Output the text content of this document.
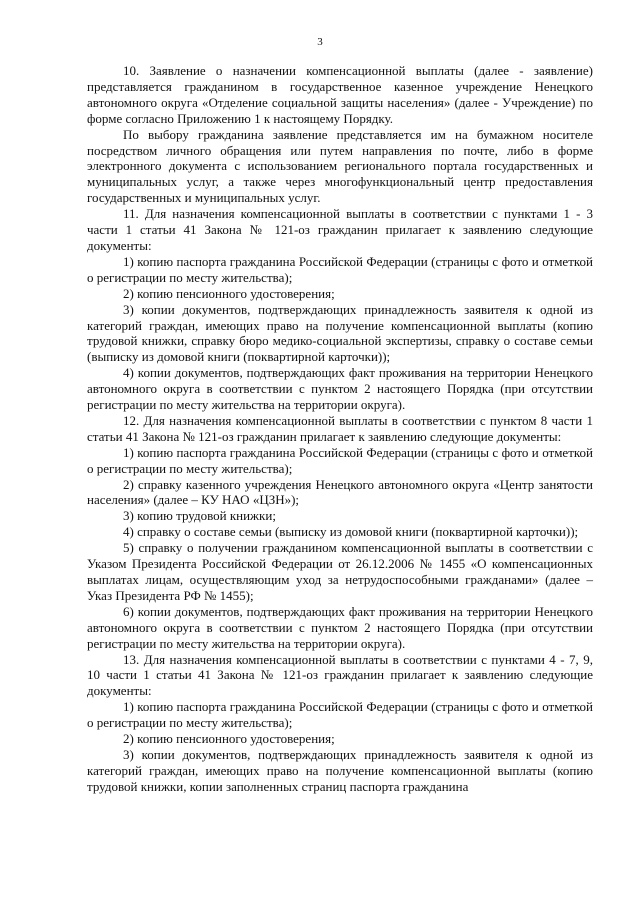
3

10. Заявление о назначении компенсационной выплаты (далее - заявление) представляется гражданином в государственное казенное учреждение Ненецкого автономного округа «Отделение социальной защиты населения» (далее - Учреждение) по форме согласно Приложению 1 к настоящему Порядку.

По выбору гражданина заявление представляется им на бумажном носителе посредством личного обращения или путем направления по почте, либо в форме электронного документа с использованием регионального портала государственных и муниципальных услуг, а также через многофункциональный центр предоставления государственных и муниципальных услуг.

11. Для назначения компенсационной выплаты в соответствии с пунктами 1 - 3 части 1 статьи 41 Закона № 121-оз гражданин прилагает к заявлению следующие документы:

1) копию паспорта гражданина Российской Федерации (страницы с фото и отметкой о регистрации по месту жительства);

2) копию пенсионного удостоверения;

3) копии документов, подтверждающих принадлежность заявителя к одной из категорий граждан, имеющих право на получение компенсационной выплаты (копию трудовой книжки, справку бюро медико-социальной экспертизы, справку о составе семьи (выписку из домовой книги (поквартирной карточки));

4) копии документов, подтверждающих факт проживания на территории Ненецкого автономного округа в соответствии с пунктом 2 настоящего Порядка (при отсутствии регистрации по месту жительства на территории округа).

12. Для назначения компенсационной выплаты в соответствии с пунктом 8 части 1 статьи 41 Закона № 121-оз гражданин прилагает к заявлению следующие документы:

1) копию паспорта гражданина Российской Федерации (страницы с фото и отметкой о регистрации по месту жительства);

2) справку казенного учреждения Ненецкого автономного округа «Центр занятости населения» (далее – КУ НАО «ЦЗН»);

3) копию трудовой книжки;

4) справку о составе семьи (выписку из домовой книги (поквартирной карточки));

5) справку о получении гражданином компенсационной выплаты в соответствии с Указом Президента Российской Федерации от 26.12.2006 № 1455 «О компенсационных выплатах лицам, осуществляющим уход за нетрудоспособными гражданами» (далее – Указ Президента РФ № 1455);

6) копии документов, подтверждающих факт проживания на территории Ненецкого автономного округа в соответствии с пунктом 2 настоящего Порядка (при отсутствии регистрации по месту жительства на территории округа).

13. Для назначения компенсационной выплаты в соответствии с пунктами 4 - 7, 9, 10 части 1 статьи 41 Закона № 121-оз гражданин прилагает к заявлению следующие документы:

1) копию паспорта гражданина Российской Федерации (страницы с фото и отметкой о регистрации по месту жительства);

2) копию пенсионного удостоверения;

3) копии документов, подтверждающих принадлежность заявителя к одной из категорий граждан, имеющих право на получение компенсационной выплаты (копию трудовой книжки, копии заполненных страниц паспорта гражданина
